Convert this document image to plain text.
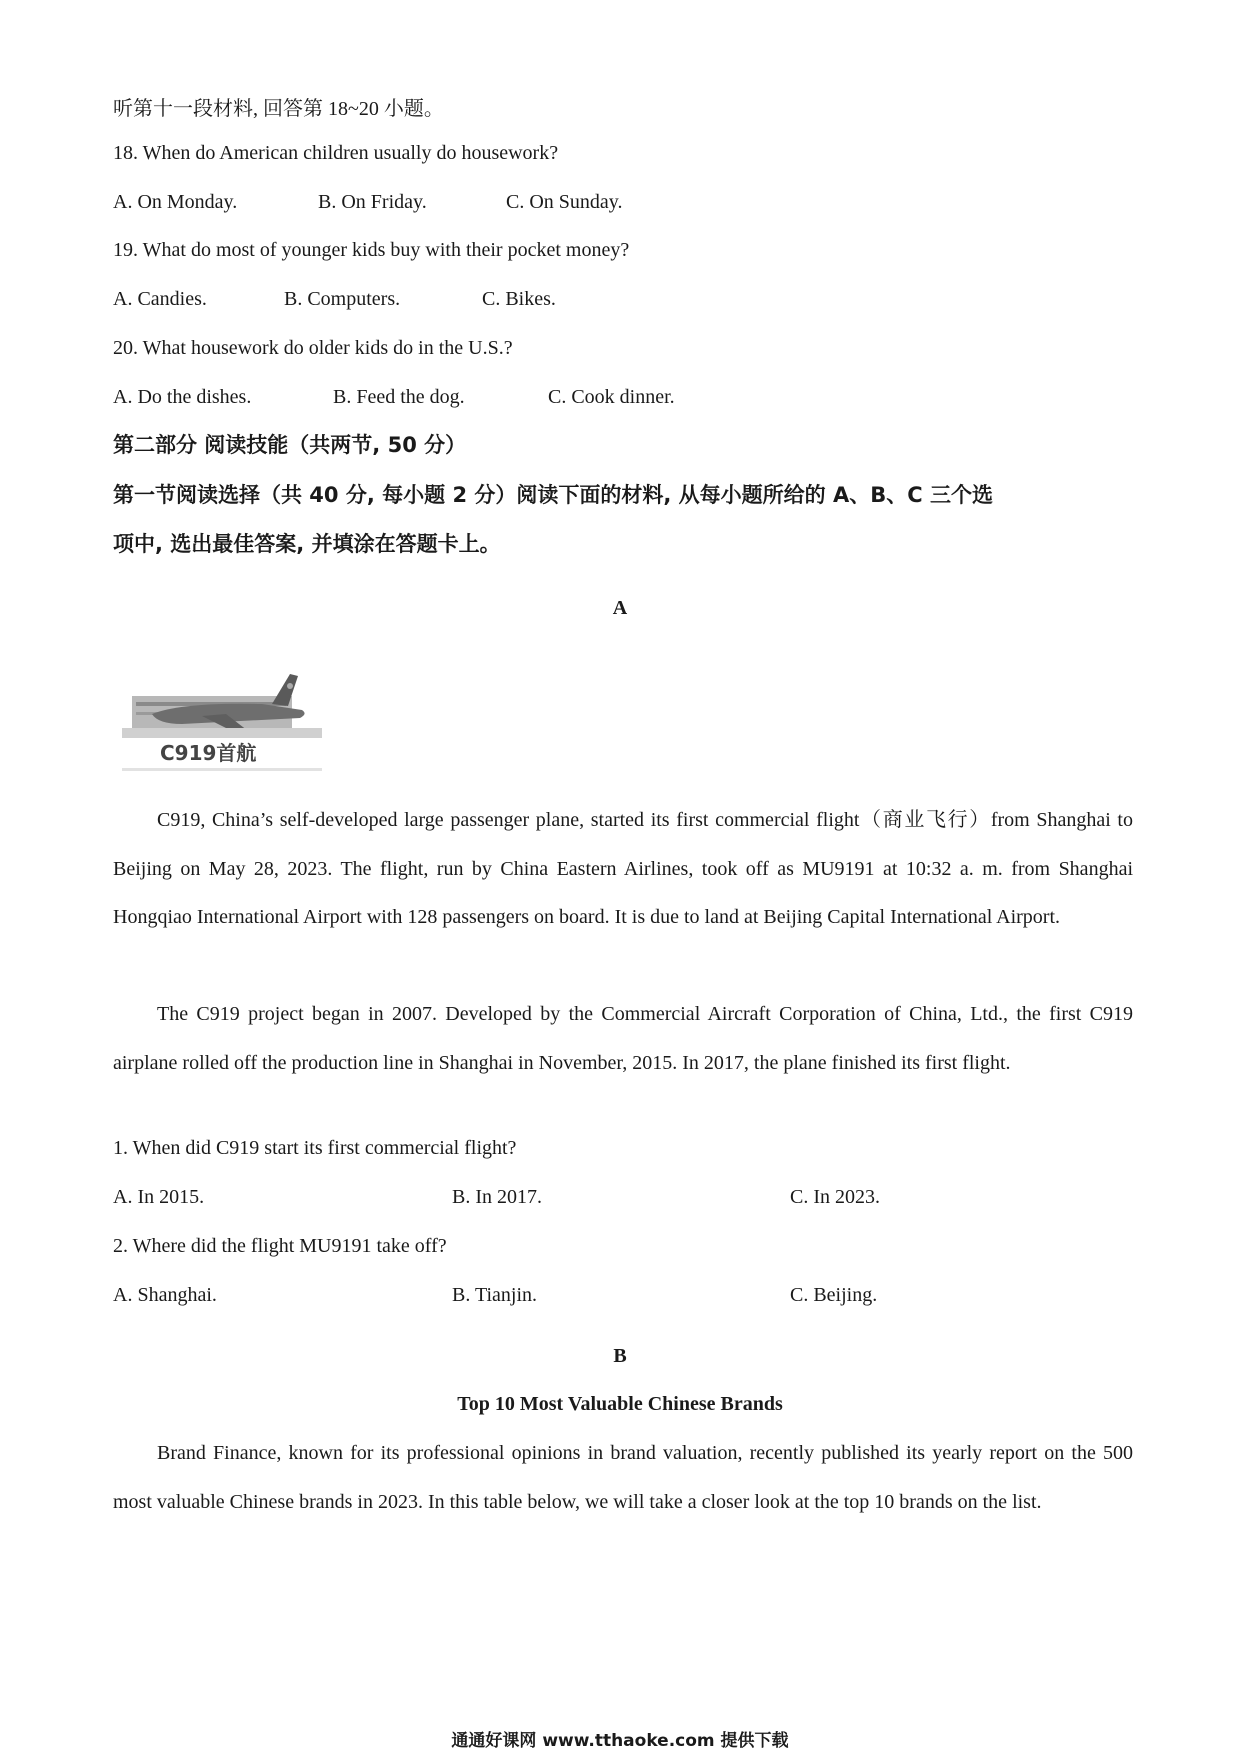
听第十一段材料, 回答第 18~20 小题。
18. When do American children usually do housework?
A. On Monday.	B. On Friday.	C. On Sunday.
19. What do most of younger kids buy with their pocket money?
A. Candies.	B. Computers.	C. Bikes.
20. What housework do older kids do in the U.S.?
A. Do the dishes.	B. Feed the dog.	C. Cook dinner.
第二部分 阅读技能（共两节, 50 分）
第一节阅读选择（共 40 分, 每小题 2 分）阅读下面的材料, 从每小题所给的 A、B、C 三个选
项中, 选出最佳答案, 并填涂在答题卡上。
A
C919首航
C919, China’s self-developed large passenger plane, started its first commercial flight（商业飞行）from Shanghai to Beijing on May 28, 2023. The flight, run by China Eastern Airlines, took off as MU9191 at 10:32 a. m. from Shanghai Hongqiao International Airport with 128 passengers on board. It is due to land at Beijing Capital International Airport.
The C919 project began in 2007. Developed by the Commercial Aircraft Corporation of China, Ltd., the first C919 airplane rolled off the production line in Shanghai in November, 2015. In 2017, the plane finished its first flight.
1. When did C919 start its first commercial flight?
A. In 2015.	B. In 2017.	C. In 2023.
2. Where did the flight MU9191 take off?
A. Shanghai.	B. Tianjin.	C. Beijing.
B
Top 10 Most Valuable Chinese Brands
Brand Finance, known for its professional opinions in brand valuation, recently published its yearly report on the 500 most valuable Chinese brands in 2023. In this table below, we will take a closer look at the top 10 brands on the list.
通通好课网 www.tthaoke.com 提供下载
